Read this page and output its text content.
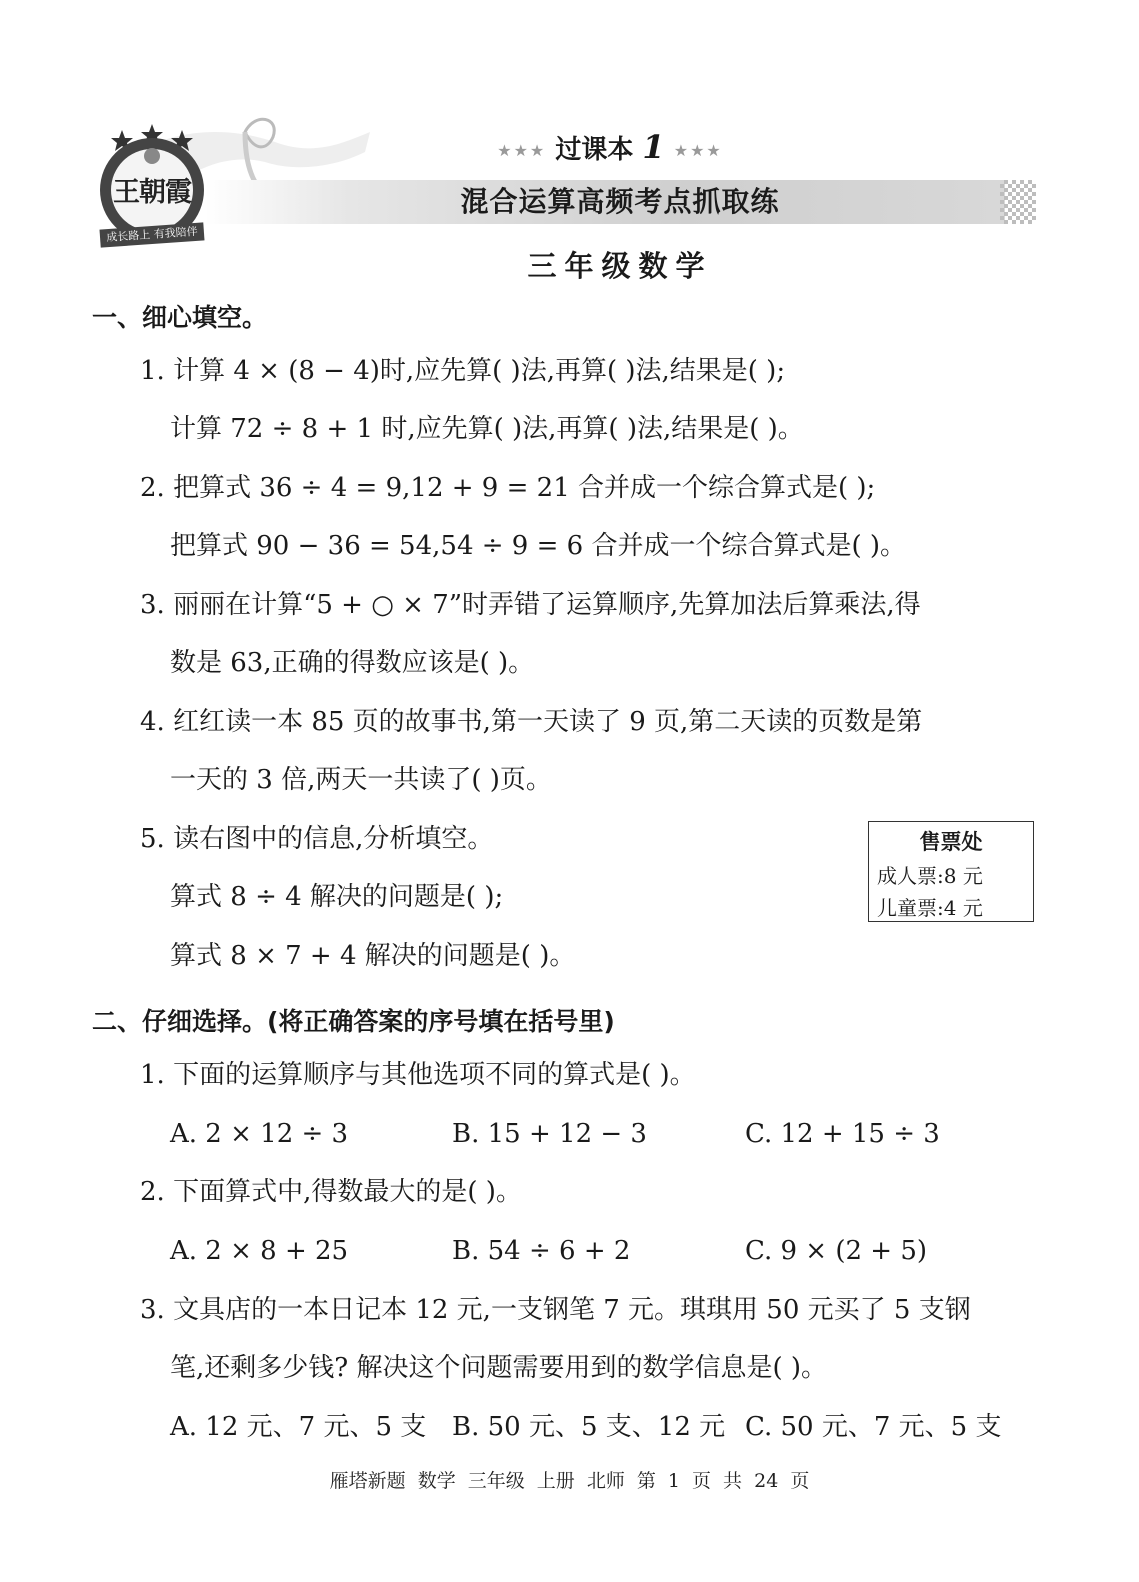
王朝霞
成长路上 有我陪伴
★★★ 过课本 1 ★★★
混合运算高频考点抓取练
三年级数学
一、细心填空。
1. 计算 4 × (8 − 4)时,应先算( )法,再算( )法,结果是( );
计算 72 ÷ 8 + 1 时,应先算( )法,再算( )法,结果是( )。
2. 把算式 36 ÷ 4 = 9,12 + 9 = 21 合并成一个综合算式是( );
把算式 90 − 36 = 54,54 ÷ 9 = 6 合并成一个综合算式是( )。
3. 丽丽在计算“5 + ○ × 7”时弄错了运算顺序,先算加法后算乘法,得
数是 63,正确的得数应该是( )。
4. 红红读一本 85 页的故事书,第一天读了 9 页,第二天读的页数是第
一天的 3 倍,两天一共读了( )页。
5. 读右图中的信息,分析填空。
算式 8 ÷ 4 解决的问题是( );
算式 8 × 7 + 4 解决的问题是( )。
售票处
成人票:8 元
儿童票:4 元
二、仔细选择。(将正确答案的序号填在括号里)
1. 下面的运算顺序与其他选项不同的算式是( )。
A. 2 × 12 ÷ 3	B. 15 + 12 − 3	C. 12 + 15 ÷ 3
2. 下面算式中,得数最大的是( )。
A. 2 × 8 + 25	B. 54 ÷ 6 + 2	C. 9 × (2 + 5)
3. 文具店的一本日记本 12 元,一支钢笔 7 元。琪琪用 50 元买了 5 支钢
笔,还剩多少钱? 解决这个问题需要用到的数学信息是( )。
A. 12 元、7 元、5 支 B. 50 元、5 支、12 元 C. 50 元、7 元、5 支
雁塔新题 数学 三年级 上册 北师 第 1 页 共 24 页
